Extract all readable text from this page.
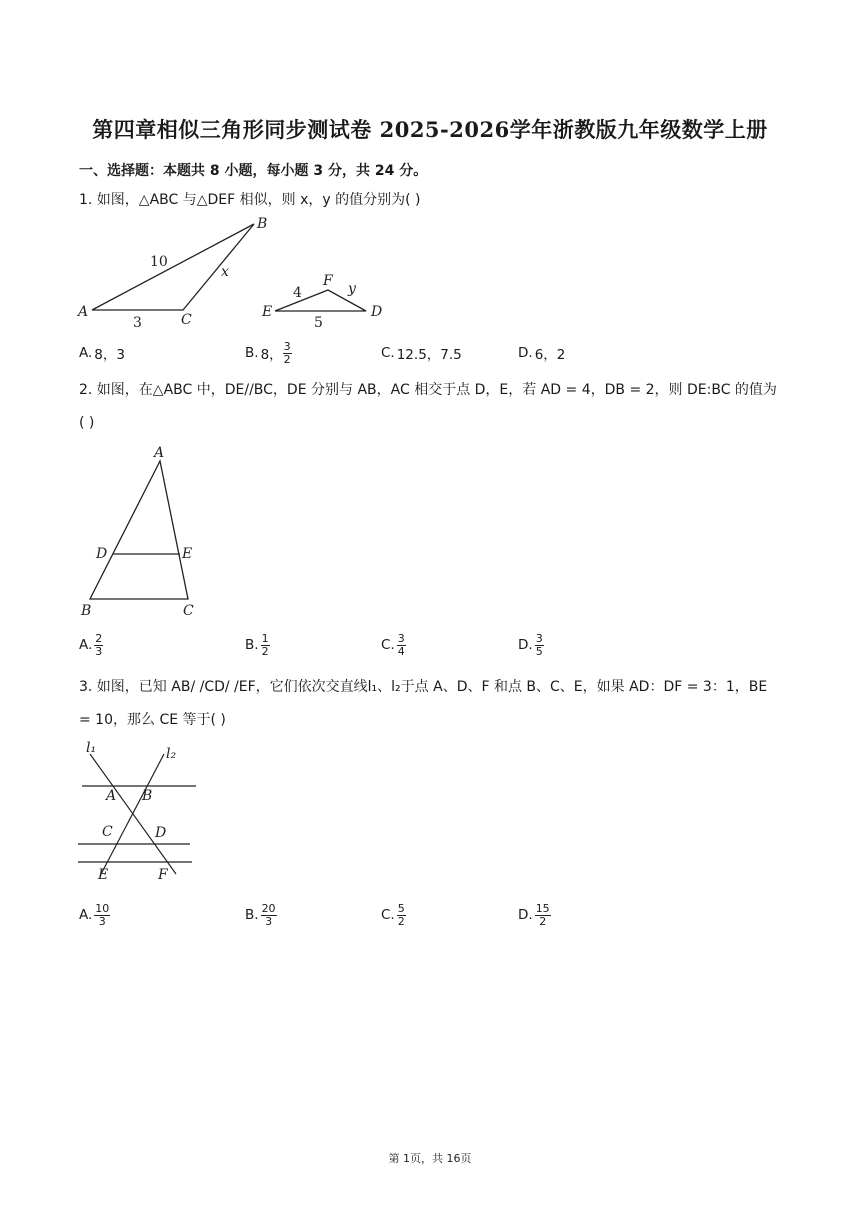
第四章相似三角形同步测试卷 2025-2026学年浙教版九年级数学上册
一、选择题：本题共 8 小题，每小题 3 分，共 24 分。
1. 如图，△ABC 与△DEF 相似，则 x，y 的值分别为( )
A
B
C
10
x
3
E
F
D
4	y
5
A. 8，3	B. 8， $\frac{3}{2}$	C. 12.5，7.5	D. 6，2
2. 如图，在△ABC 中，DE//BC，DE 分别与 AB，AC 相交于点 D，E，若 AD = 4，DB = 2，则 DE:BC 的值为( )
A
D	E
B	C
A. $\frac{2}{3}$	B. $\frac{1}{2}$	C. $\frac{3}{4}$	D. $\frac{3}{5}$
3. 如图，已知 AB/ /CD/ /EF，它们依次交直线l₁、l₂于点 A、D、F 和点 B、C、E，如果 AD：DF = 3：1，BE = 10，那么 CE 等于( )
l₁	l₂
A B
C	D
E	F
A. $\frac{10}{3}$	B. $\frac{20}{3}$	C. $\frac{5}{2}$	D. $\frac{15}{2}$
第 1页，共 16页
